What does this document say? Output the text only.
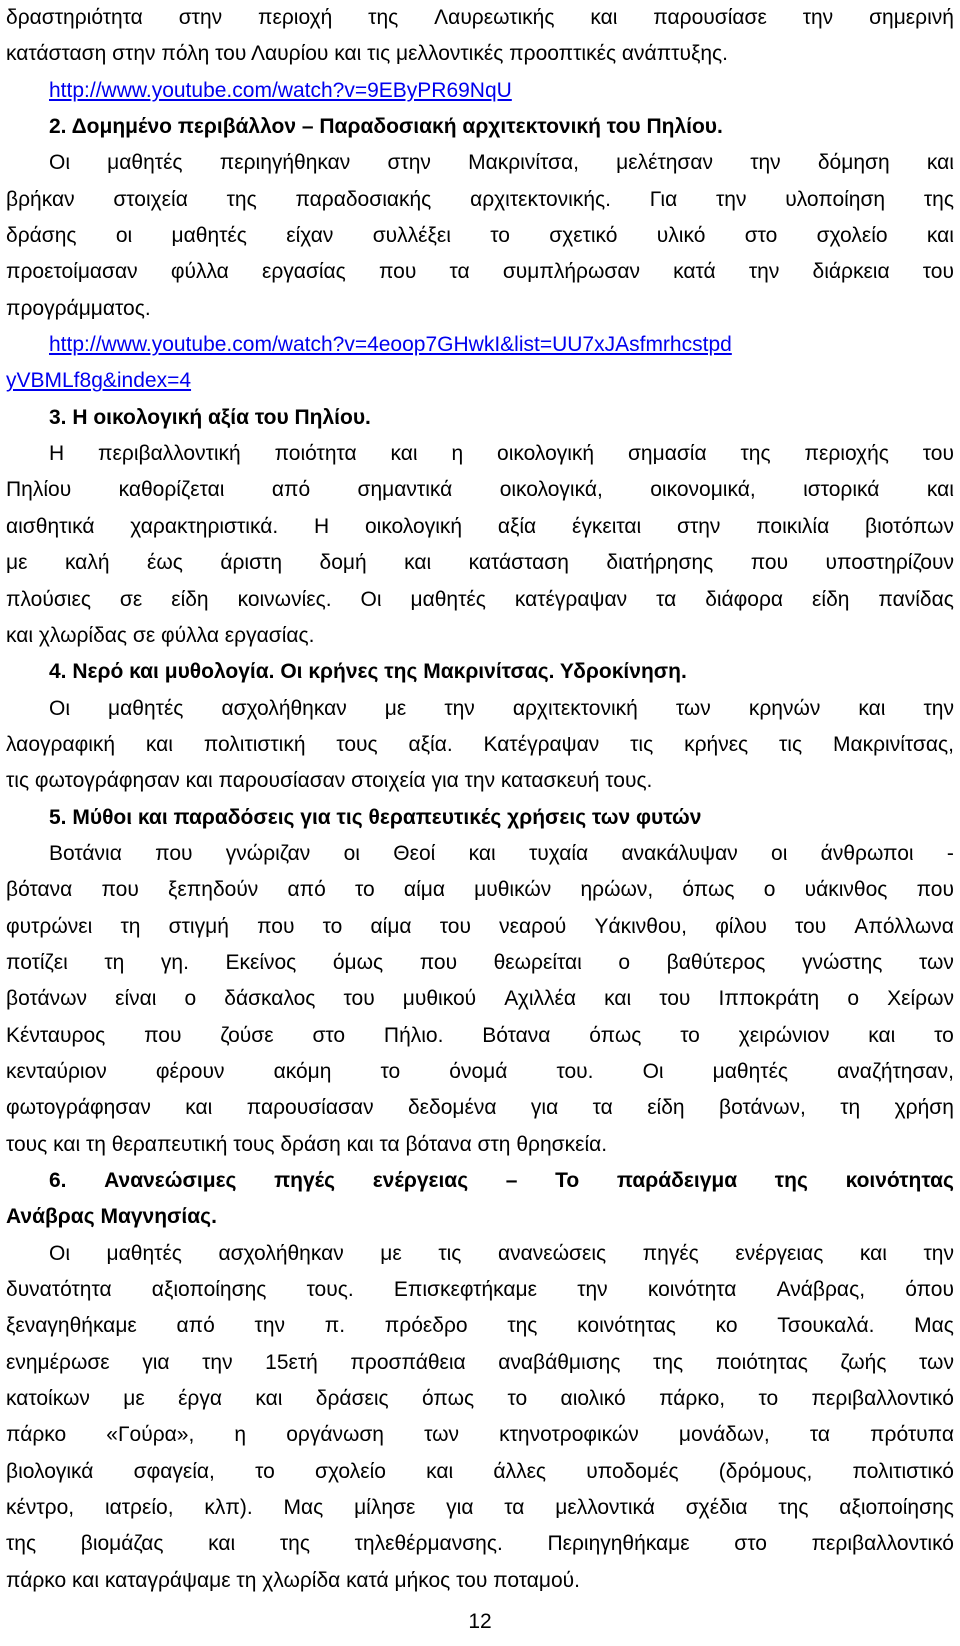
δραστηριότητα στην περιοχή της Λαυρεωτικής και παρουσίασε την σημερινή
κατάσταση στην πόλη του Λαυρίου και τις μελλοντικές προοπτικές ανάπτυξης.
http://www.youtube.com/watch?v=9EByPR69NqU
2. Δομημένο περιβάλλον – Παραδοσιακή αρχιτεκτονική του Πηλίου.
Οι μαθητές περιηγήθηκαν στην Μακρινίτσα, μελέτησαν την δόμηση και
βρήκαν στοιχεία της παραδοσιακής αρχιτεκτονικής. Για την υλοποίηση της
δράσης οι μαθητές είχαν συλλέξει το σχετικό υλικό στο σχολείο και
προετοίμασαν φύλλα εργασίας που τα συμπλήρωσαν κατά την διάρκεια του
προγράμματος.
http://www.youtube.com/watch?v=4eoop7GHwkI&list=UU7xJAsfmrhcstpd
yVBMLf8g&index=4
3. Η οικολογική αξία του Πηλίου.
Η περιβαλλοντική ποιότητα και η οικολογική σημασία της περιοχής του
Πηλίου καθορίζεται από σημαντικά οικολογικά, οικονομικά, ιστορικά και
αισθητικά χαρακτηριστικά. Η οικολογική αξία έγκειται στην ποικιλία βιοτόπων
με καλή έως άριστη δομή και κατάσταση διατήρησης που υποστηρίζουν
πλούσιες σε είδη κοινωνίες. Οι μαθητές κατέγραψαν τα διάφορα είδη πανίδας
και χλωρίδας σε φύλλα εργασίας.
4. Νερό και μυθολογία. Οι κρήνες της Μακρινίτσας. Υδροκίνηση.
Οι μαθητές ασχολήθηκαν με την αρχιτεκτονική των κρηνών και την
λαογραφική και πολιτιστική τους αξία. Κατέγραψαν τις κρήνες τις Μακρινίτσας,
τις φωτογράφησαν και παρουσίασαν στοιχεία για την κατασκευή τους.
5. Μύθοι και παραδόσεις για τις θεραπευτικές χρήσεις των φυτών
Βοτάνια που γνώριζαν οι Θεοί και τυχαία ανακάλυψαν οι άνθρωποι -
βότανα που ξεπηδούν από το αίμα μυθικών ηρώων, όπως ο υάκινθος που
φυτρώνει τη στιγμή που το αίμα του νεαρού Υάκινθου, φίλου του Απόλλωνα
ποτίζει τη γη. Εκείνος όμως που θεωρείται ο βαθύτερος γνώστης των
βοτάνων είναι ο δάσκαλος του μυθικού Αχιλλέα και του Ιπποκράτη ο Χείρων
Κένταυρος που ζούσε στο Πήλιο. Βότανα όπως το χειρώνιον και το
κενταύριον φέρουν ακόμη το όνομά του. Οι μαθητές αναζήτησαν,
φωτογράφησαν και παρουσίασαν δεδομένα για τα είδη βοτάνων, τη χρήση
τους και τη θεραπευτική τους δράση και τα βότανα στη θρησκεία.
6. Ανανεώσιμες πηγές ενέργειας – Το παράδειγμα της κοινότητας
Ανάβρας Μαγνησίας.
Οι μαθητές ασχολήθηκαν με τις ανανεώσεις πηγές ενέργειας και την
δυνατότητα αξιοποίησης τους. Επισκεφτήκαμε την κοινότητα Ανάβρας, όπου
ξεναγηθήκαμε από την π. πρόεδρο της κοινότητας κο Τσουκαλά. Μας
ενημέρωσε για την 15ετή προσπάθεια αναβάθμισης της ποιότητας ζωής των
κατοίκων με έργα και δράσεις όπως το αιολικό πάρκο, το περιβαλλοντικό
πάρκο «Γούρα», η οργάνωση των κτηνοτροφικών μονάδων, τα πρότυπα
βιολογικά σφαγεία, το σχολείο και άλλες υποδομές (δρόμους, πολιτιστικό
κέντρο, ιατρείο, κλπ). Μας μίλησε για τα μελλοντικά σχέδια της αξιοποίησης
της βιομάζας και της τηλεθέρμανσης. Περιηγηθήκαμε στο περιβαλλοντικό
πάρκο και καταγράψαμε τη χλωρίδα κατά μήκος του ποταμού.
12
